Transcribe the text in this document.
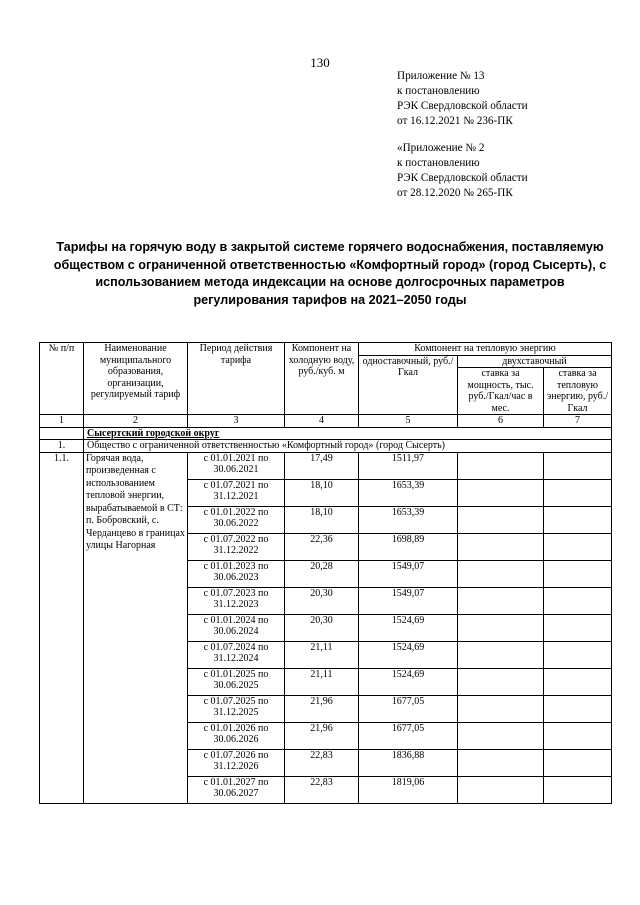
130
Приложение № 13
к постановлению
РЭК Свердловской области
от 16.12.2021 № 236-ПК
«Приложение № 2
к постановлению
РЭК Свердловской области
от 28.12.2020 № 265-ПК
Тарифы на горячую воду в закрытой системе горячего водоснабжения, поставляемую обществом с ограниченной ответственностью «Комфортный город» (город Сысерть), с использованием метода индексации на основе долгосрочных параметров регулирования тарифов на 2021–2050 годы
№ п/п	Наименование муниципального образования, организации, регулируемый тариф	Период действия тарифа	Компонент на холодную воду, руб./куб. м	Компонент на тепловую энергию		
				одноставочный, руб./Гкал	двухставочный	
					ставка за мощность, тыс. руб./Гкал/час в мес.	ставка за тепловую энергию, руб./Гкал
1	2	3	4	5	6	7
	Сысертский городской округ					
1.	Общество с ограниченной ответственностью «Комфортный город» (город Сысерть)					
1.1.	Горячая вода, произведенная с использованием тепловой энергии, вырабатываемой в СТ: п. Бобровский, с. Черданцево в границах улицы Нагорная	с 01.01.2021 по 30.06.2021	17,49	1511,97		
		с 01.07.2021 по 31.12.2021	18,10	1653,39		
		с 01.01.2022 по 30.06.2022	18,10	1653,39		
		с 01.07.2022 по 31.12.2022	22,36	1698,89		
		с 01.01.2023 по 30.06.2023	20,28	1549,07		
		с 01.07.2023 по 31.12.2023	20,30	1549,07		
		с 01.01.2024 по 30.06.2024	20,30	1524,69		
		с 01.07.2024 по 31.12.2024	21,11	1524,69		
		с 01.01.2025 по 30.06.2025	21,11	1524,69		
		с 01.07.2025 по 31.12.2025	21,96	1677,05		
		с 01.01.2026 по 30.06.2026	21,96	1677,05		
		с 01.07.2026 по 31.12.2026	22,83	1836,88		
		с 01.01.2027 по 30.06.2027	22,83	1819,06		
